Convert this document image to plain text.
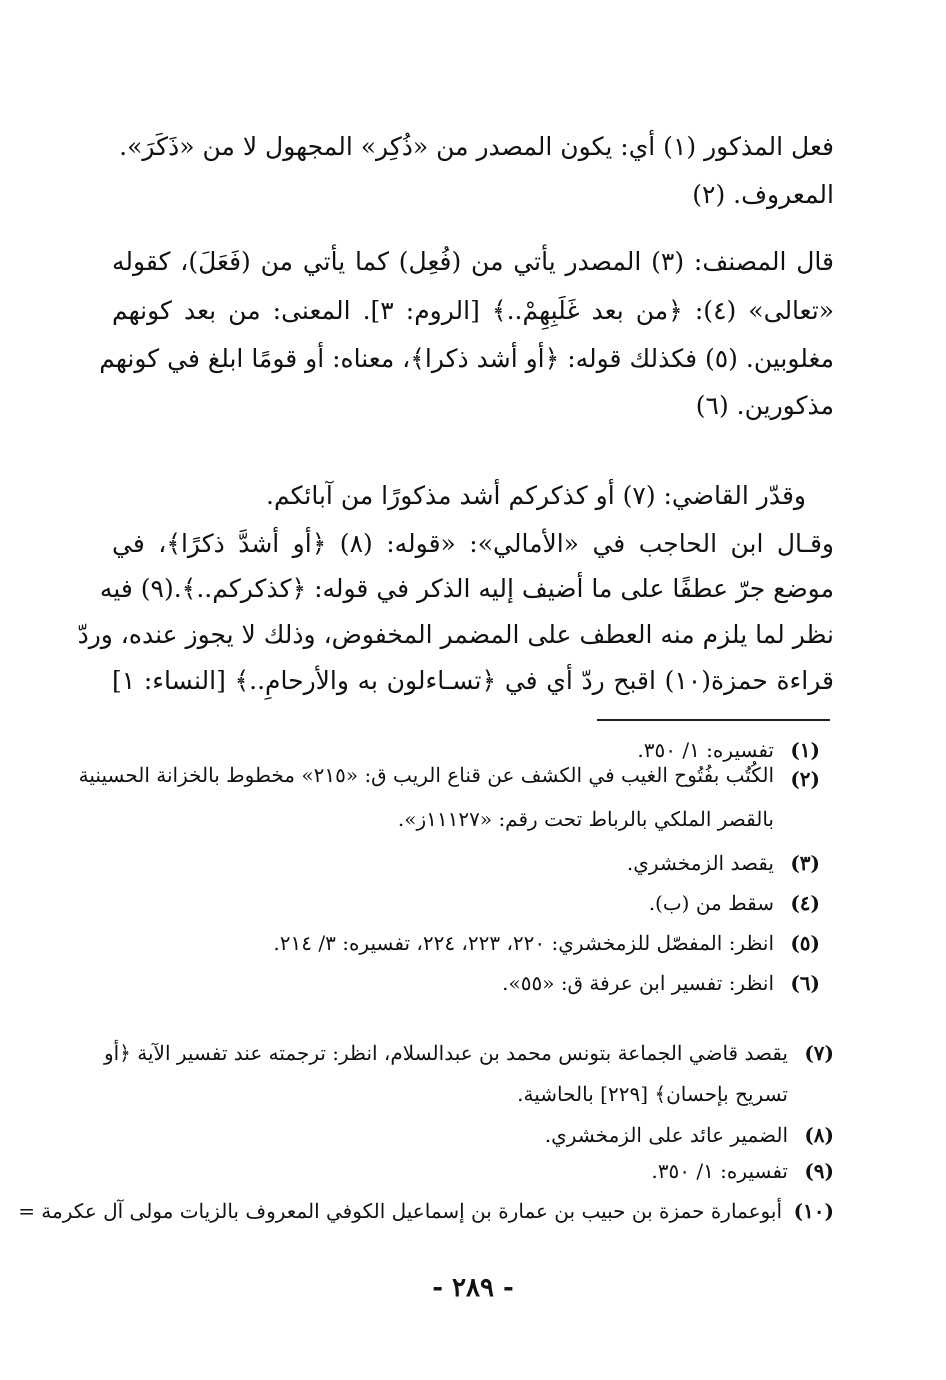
فعل المذكور (١) أي: يكون المصدر من «ذُكِر» المجهول لا من «ذَكَرَ».
المعروف. (٢)
قال المصنف: (٣) المصدر يأتي من (فُعِل) كما يأتي من (فَعَلَ)، كقوله
«تعالى» (٤): ﴿من بعد غَلَبِهِمْ..﴾ [الروم: ٣]. المعنى: من بعد كونهم
مغلوبين. (٥) فكذلك قوله: ﴿أو أشد ذكرا﴾، معناه: أو قومًا ابلغ في كونهم
مذكورين. (٦)
وقدّر القاضي: (٧) أو كذكركم أشد مذكورًا من آبائكم.
وقـال ابن الحاجب في «الأمالي»: «قوله: (٨) ﴿أو أشدَّ ذكرًا﴾، في
موضع جرّ عطفًا على ما أضيف إليه الذكر في قوله: ﴿كذكركم..﴾.(٩) فيه
نظر لما يلزم منه العطف على المضمر المخفوض، وذلك لا يجوز عنده، وردّ
قراءة حمزة(١٠) اقبح ردّ أي في ﴿تسـاءلون به والأرحامِ..﴾ [النساء: ١]
(١)
تفسيره: ١/ ٣٥٠.
(٢)
الكُتُب بفُتُوح الغيب في الكشف عن قناع الريب ق: «٢١٥» مخطوط بالخزانة الحسينية
بالقصر الملكي بالرباط تحت رقم: «١١١٢٧ز».
(٣)
يقصد الزمخشري.
(٤)
سقط من (ب).
(٥)
انظر: المفصّل للزمخشري: ٢٢٠، ٢٢٣، ٢٢٤، تفسيره: ٣/ ٢١٤.
(٦)
انظر: تفسير ابن عرفة ق: «٥٥».
(٧)
يقصد قاضي الجماعة بتونس محمد بن عبدالسلام، انظر: ترجمته عند تفسير الآية ﴿أو
تسريح بإحسان﴾ [٢٢٩] بالحاشية.
(٨)
الضمير عائد على الزمخشري.
(٩)
تفسيره: ١/ ٣٥٠.
(١٠)
أبوعمارة حمزة بن حبيب بن عمارة بن إسماعيل الكوفي المعروف بالزيات مولى آل عكرمة =
- ٢٨٩ -
